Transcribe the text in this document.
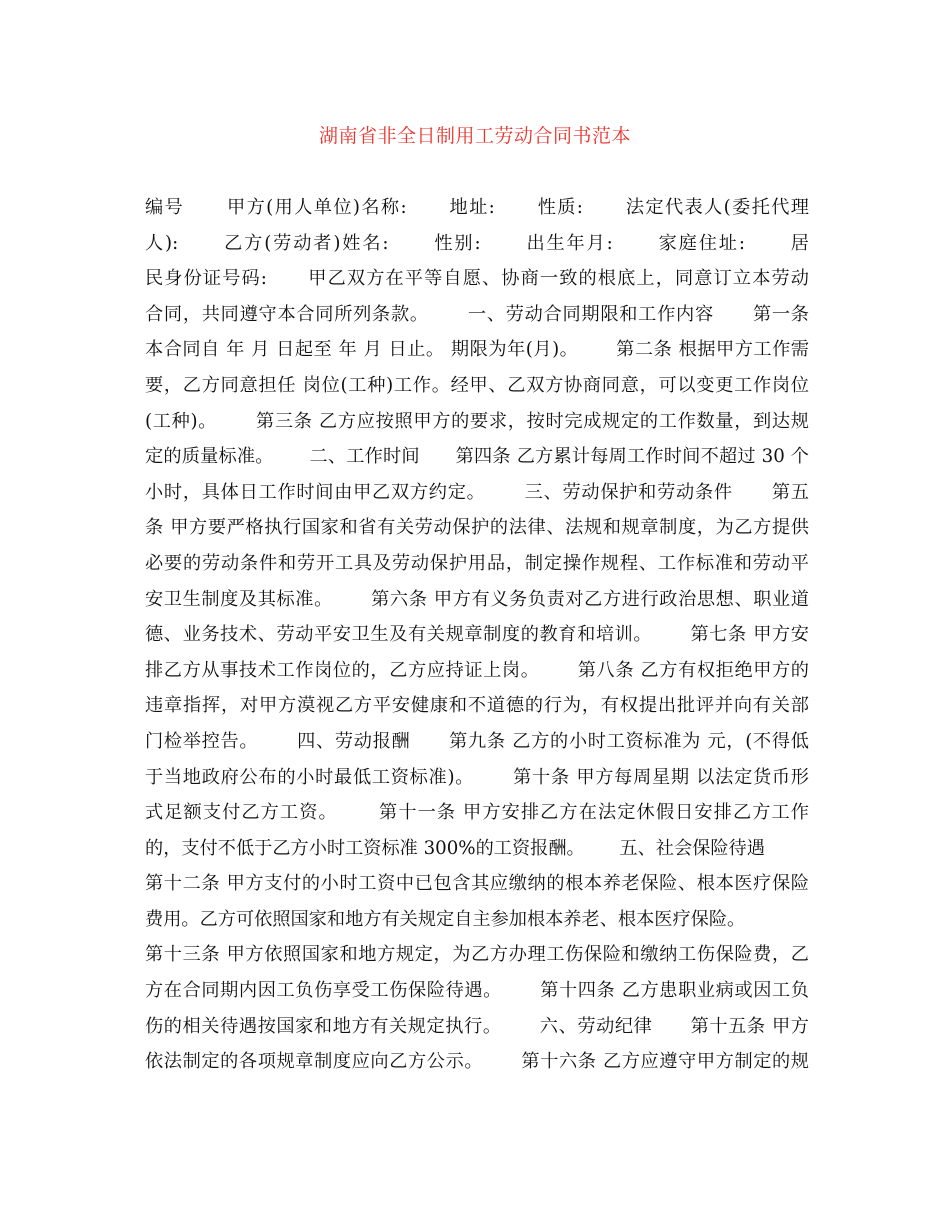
湖南省非全日制用工劳动合同书范本
编号      甲方(用人单位)名称:      地址:      性质:      法定代表人(委托代理
人):      乙方(劳动者)姓名:      性别:      出生年月:      家庭住址:      居
民身份证号码:      甲乙双方在平等自愿、协商一致的根底上，同意订立本劳动
合同，共同遵守本合同所列条款。      一、劳动合同期限和工作内容      第一条
本合同自 年 月 日起至 年 月 日止。 期限为年(月)。      第二条 根据甲方工作需
要，乙方同意担任 岗位(工种)工作。经甲、乙双方协商同意，可以变更工作岗位
(工种)。      第三条 乙方应按照甲方的要求，按时完成规定的工作数量，到达规
定的质量标准。      二、工作时间      第四条 乙方累计每周工作时间不超过 30 个
小时，具体日工作时间由甲乙双方约定。      三、劳动保护和劳动条件      第五
条 甲方要严格执行国家和省有关劳动保护的法律、法规和规章制度，为乙方提供
必要的劳动条件和劳开工具及劳动保护用品，制定操作规程、工作标准和劳动平
安卫生制度及其标准。      第六条 甲方有义务负责对乙方进行政治思想、职业道
德、业务技术、劳动平安卫生及有关规章制度的教育和培训。      第七条 甲方安
排乙方从事技术工作岗位的，乙方应持证上岗。      第八条 乙方有权拒绝甲方的
违章指挥，对甲方漠视乙方平安健康和不道德的行为，有权提出批评并向有关部
门检举控告。      四、劳动报酬      第九条 乙方的小时工资标准为 元，(不得低
于当地政府公布的小时最低工资标准)。      第十条 甲方每周星期 以法定货币形
式足额支付乙方工资。      第十一条 甲方安排乙方在法定休假日安排乙方工作
的，支付不低于乙方小时工资标准 300%的工资报酬。      五、社会保险待遇
第十二条 甲方支付的小时工资中已包含其应缴纳的根本养老保险、根本医疗保险
费用。乙方可依照国家和地方有关规定自主参加根本养老、根本医疗保险。
第十三条 甲方依照国家和地方规定，为乙方办理工伤保险和缴纳工伤保险费，乙
方在合同期内因工负伤享受工伤保险待遇。      第十四条 乙方患职业病或因工负
伤的相关待遇按国家和地方有关规定执行。      六、劳动纪律      第十五条 甲方
依法制定的各项规章制度应向乙方公示。      第十六条 乙方应遵守甲方制定的规
